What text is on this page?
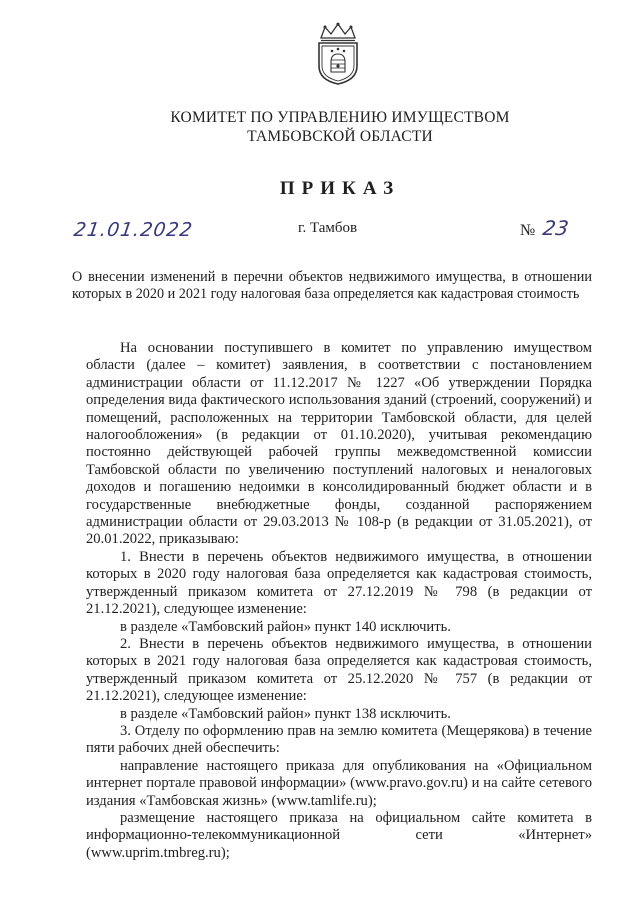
КОМИТЕТ ПО УПРАВЛЕНИЮ ИМУЩЕСТВОМ
ТАМБОВСКОЙ ОБЛАСТИ
ПРИКАЗ
21.01.2022	г. Тамбов	№ 23
О внесении изменений в перечни объектов недвижимого имущества, в отношении которых в 2020 и 2021 году налоговая база определяется как кадастровая стоимость

На основании поступившего в комитет по управлению имуществом области (далее – комитет) заявления, в соответствии с постановлением администрации области от 11.12.2017 № 1227 «Об утверждении Порядка определения вида фактического использования зданий (строений, сооружений) и помещений, расположенных на территории Тамбовской области, для целей налогообложения» (в редакции от 01.10.2020), учитывая рекомендацию постоянно действующей рабочей группы межведомственной комиссии Тамбовской области по увеличению поступлений налоговых и неналоговых доходов и погашению недоимки в консолидированный бюджет области и в государственные внебюджетные фонды, созданной распоряжением администрации области от 29.03.2013 № 108-р (в редакции от 31.05.2021), от 20.01.2022, приказываю:

1. Внести в перечень объектов недвижимого имущества, в отношении которых в 2020 году налоговая база определяется как кадастровая стоимость, утвержденный приказом комитета от 27.12.2019 № 798 (в редакции от 21.12.2021), следующее изменение:

в разделе «Тамбовский район» пункт 140 исключить.

2. Внести в перечень объектов недвижимого имущества, в отношении которых в 2021 году налоговая база определяется как кадастровая стоимость, утвержденный приказом комитета от 25.12.2020 № 757 (в редакции от 21.12.2021), следующее изменение:

в разделе «Тамбовский район» пункт 138 исключить.

3. Отделу по оформлению прав на землю комитета (Мещерякова) в течение пяти рабочих дней обеспечить:

направление настоящего приказа для опубликования на «Официальном интернет портале правовой информации» (www.pravo.gov.ru) и на сайте сетевого издания «Тамбовская жизнь» (www.tamlife.ru);

размещение настоящего приказа на официальном сайте комитета в информационно-телекоммуникационной сети «Интернет» (www.uprim.tmbreg.ru);
